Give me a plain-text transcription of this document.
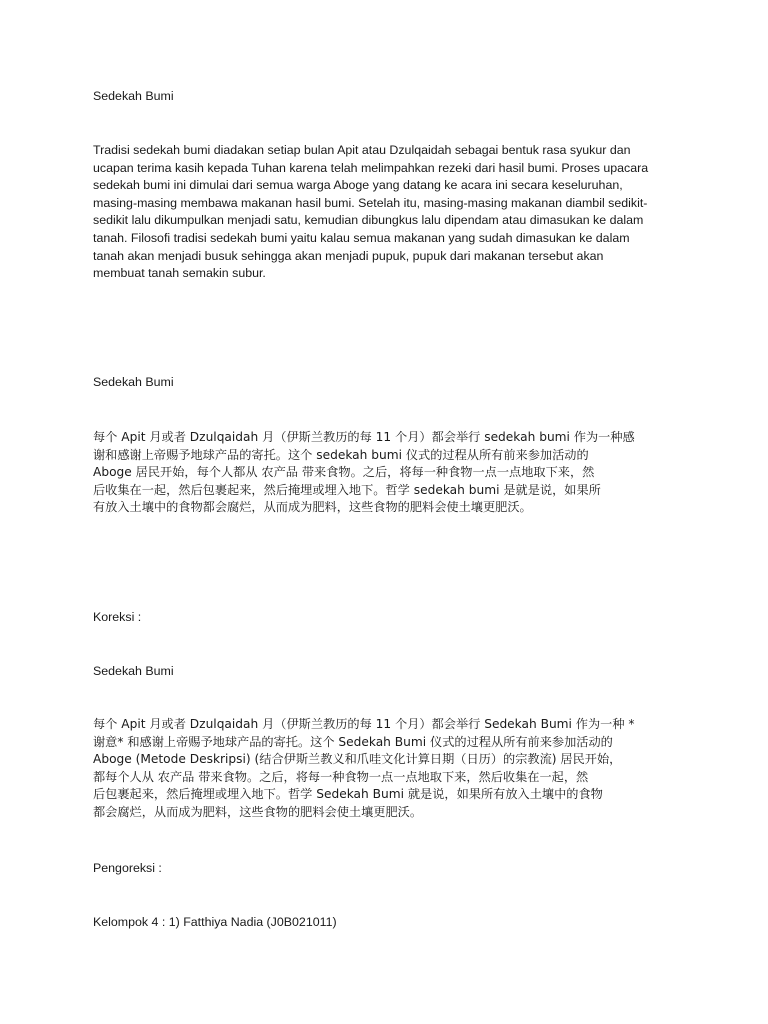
Sedekah Bumi

Tradisi sedekah bumi diadakan setiap bulan Apit atau Dzulqaidah sebagai bentuk rasa syukur dan
ucapan terima kasih kepada Tuhan karena telah melimpahkan rezeki dari hasil bumi. Proses upacara
sedekah bumi ini dimulai dari semua warga Aboge yang datang ke acara ini secara keseluruhan,
masing-masing membawa makanan hasil bumi. Setelah itu, masing-masing makanan diambil sedikit-
sedikit lalu dikumpulkan menjadi satu, kemudian dibungkus lalu dipendam atau dimasukan ke dalam
tanah. Filosofi tradisi sedekah bumi yaitu kalau semua makanan yang sudah dimasukan ke dalam
tanah akan menjadi busuk sehingga akan menjadi pupuk, pupuk dari makanan tersebut akan
membuat tanah semakin subur.

Sedekah Bumi

每个 Apit 月或者 Dzulqaidah 月（伊斯兰教历的每 11 个月）都会举行 sedekah bumi 作为一种感
谢和感谢上帝赐予地球产品的寄托。这个 sedekah bumi 仪式的过程从所有前来参加活动的
Aboge 居民开始，每个人都从 农产品 带来食物。之后，将每一种食物一点一点地取下来，然
后收集在一起，然后包裹起来，然后掩埋或埋入地下。哲学 sedekah bumi 是就是说，如果所
有放入土壤中的食物都会腐烂，从而成为肥料，这些食物的肥料会使土壤更肥沃。

Koreksi :

Sedekah Bumi

每个 Apit 月或者 Dzulqaidah 月（伊斯兰教历的每 11 个月）都会举行 Sedekah Bumi 作为一种 *
谢意* 和感谢上帝赐予地球产品的寄托。这个 Sedekah Bumi 仪式的过程从所有前来参加活动的
Aboge (Metode Deskripsi) (结合伊斯兰教义和爪哇文化计算日期（日历）的宗教流) 居民开始，
都每个人从 农产品 带来食物。之后，将每一种食物一点一点地取下来，然后收集在一起，然
后包裹起来，然后掩埋或埋入地下。哲学 Sedekah Bumi 就是说，如果所有放入土壤中的食物
都会腐烂，从而成为肥料，这些食物的肥料会使土壤更肥沃。

Pengoreksi :

Kelompok 4 : 1) Fatthiya Nadia (J0B021011)
